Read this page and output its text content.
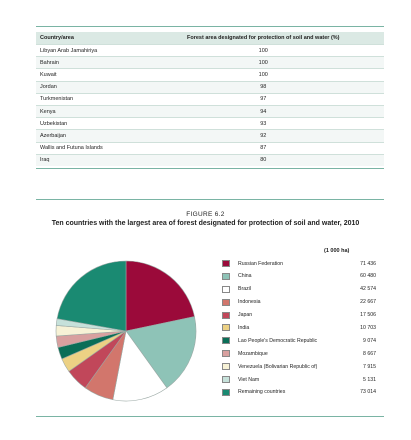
Country/area	Forest area designated for protection of soil and water (%)
Libyan Arab Jamahiriya	100
Bahrain	100
Kuwait	100
Jordan	98
Turkmenistan	97
Kenya	94
Uzbekistan	93
Azerbaijan	92
Wallis and Futuna Islands	87
Iraq	80
FIGURE 6.2
Ten countries with the largest area of forest designated for protection of soil and water, 2010
(1 000 ha)
Russian Federation	71 436
China	60 480
Brazil	42 574
Indonesia	22 667
Japan	17 506
India	10 703
Lao People's Democratic Republic	9 074
Mozambique	8 667
Venezuela (Bolivarian Republic of)	7 915
Viet Nam	5 131
Remaining countries	73 014
